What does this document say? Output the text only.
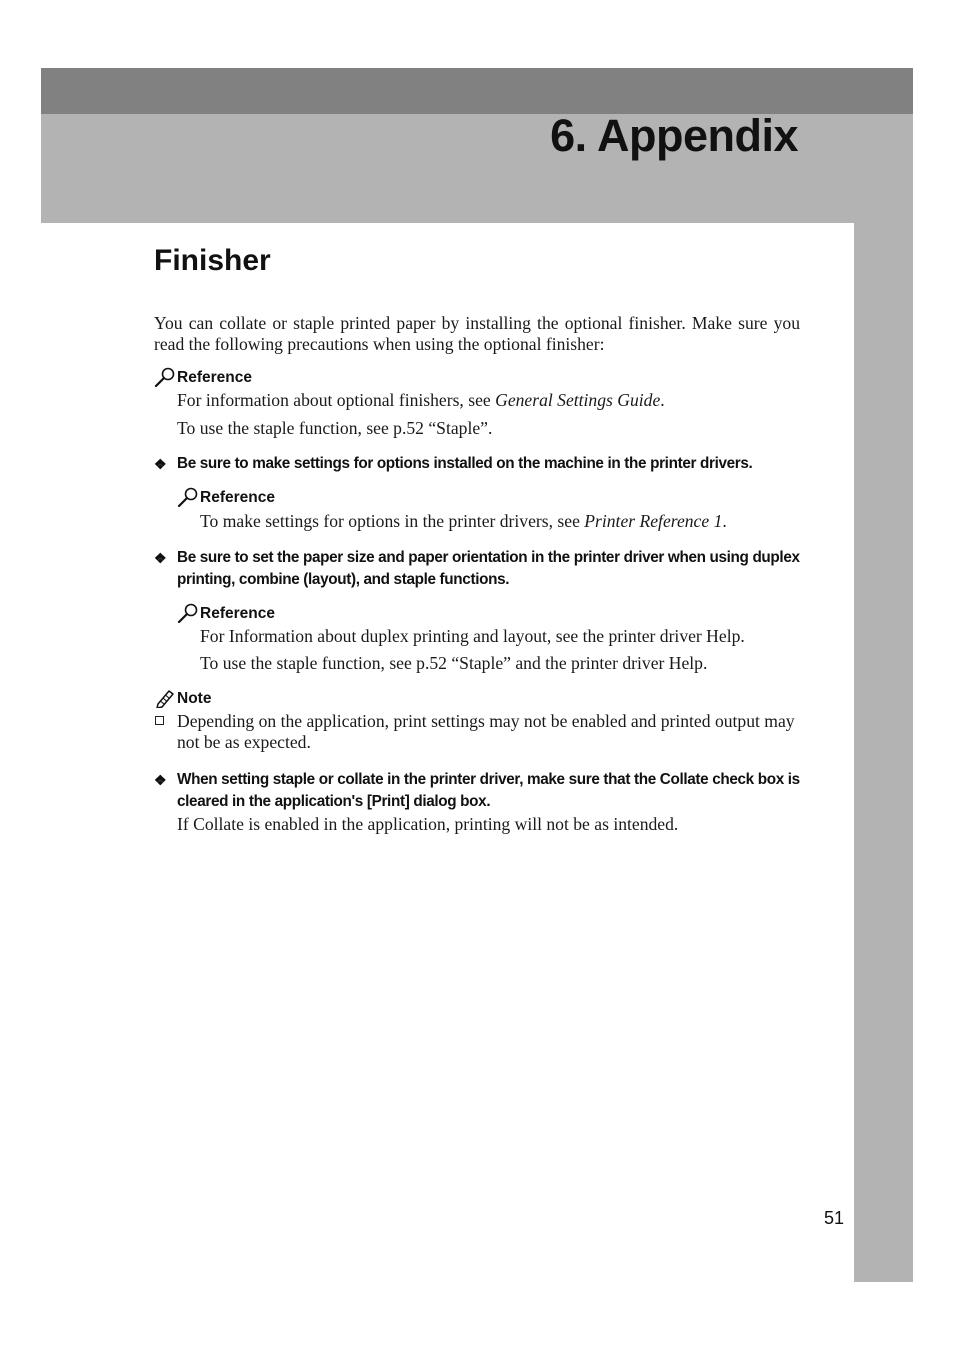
6. Appendix
Finisher

You can collate or staple printed paper by installing the optional finisher. Make sure you read the following precautions when using the optional finisher:

Reference

For information about optional finishers, see General Settings Guide.

To use the staple function, see p.52 “Staple”.

❖ Be sure to make settings for options installed on the machine in the printer drivers.
Reference

To make settings for options in the printer drivers, see Printer Reference 1.

❖ Be sure to set the paper size and paper orientation in the printer driver when using duplex printing, combine (layout), and staple functions.
Reference

For Information about duplex printing and layout, see the printer driver Help.

To use the staple function, see p.52 “Staple” and the printer driver Help.

Note
Depending on the application, print settings may not be enabled and printed output may not be as expected.
❖ When setting staple or collate in the printer driver, make sure that the Collate check box is cleared in the application's [Print] dialog box.

If Collate is enabled in the application, printing will not be as intended.

51
